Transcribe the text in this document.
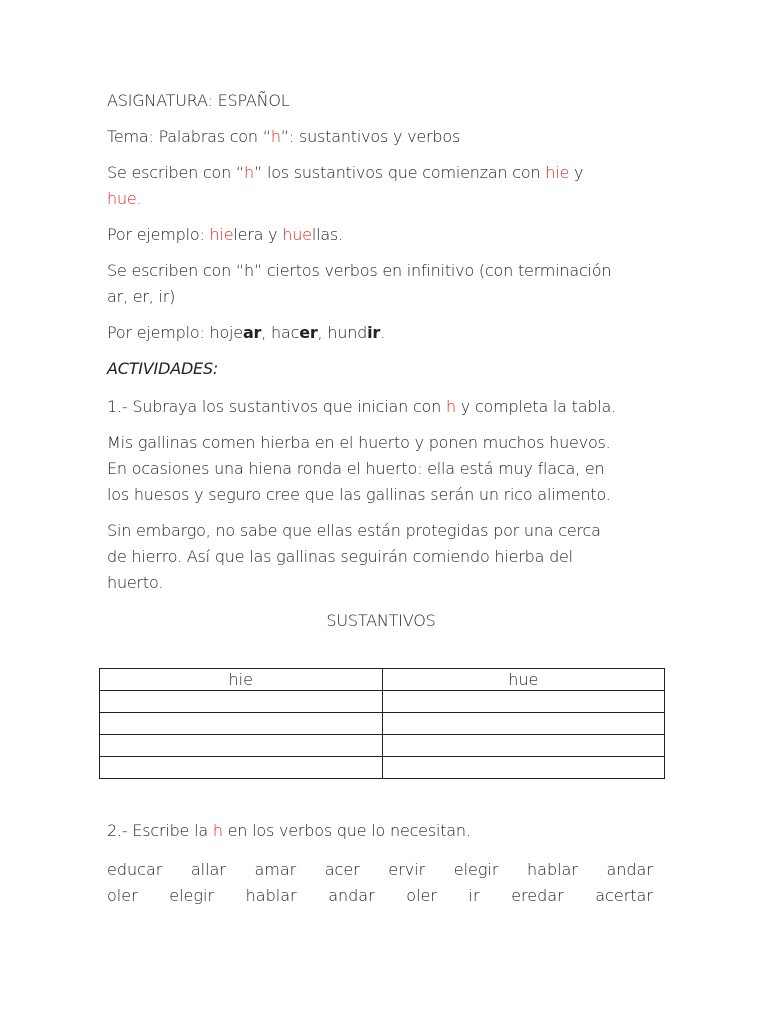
ASIGNATURA: ESPAÑOL

Tema: Palabras con “h”: sustantivos y verbos

Se escriben con “h” los sustantivos que comienzan con hie y
hue.

Por ejemplo: hielera y huellas.

Se escriben con “h” ciertos verbos en infinitivo (con terminación
ar, er, ir)

Por ejemplo: hojear, hacer, hundir.

ACTIVIDADES:

1.- Subraya los sustantivos que inician con h y completa la tabla.

Mis gallinas comen hierba en el huerto y ponen muchos huevos.
En ocasiones una hiena ronda el huerto: ella está muy flaca, en
los huesos y seguro cree que las gallinas serán un rico alimento.

Sin embargo, no sabe que ellas están protegidas por una cerca
de hierro. Así que las gallinas seguirán comiendo hierba del
huerto.

SUSTANTIVOS

hie	hue

2.- Escribe la h en los verbos que lo necesitan.

educar allar amar acer ervir elegir hablar andar
oler elegir hablar andar oler ir eredar acertar
